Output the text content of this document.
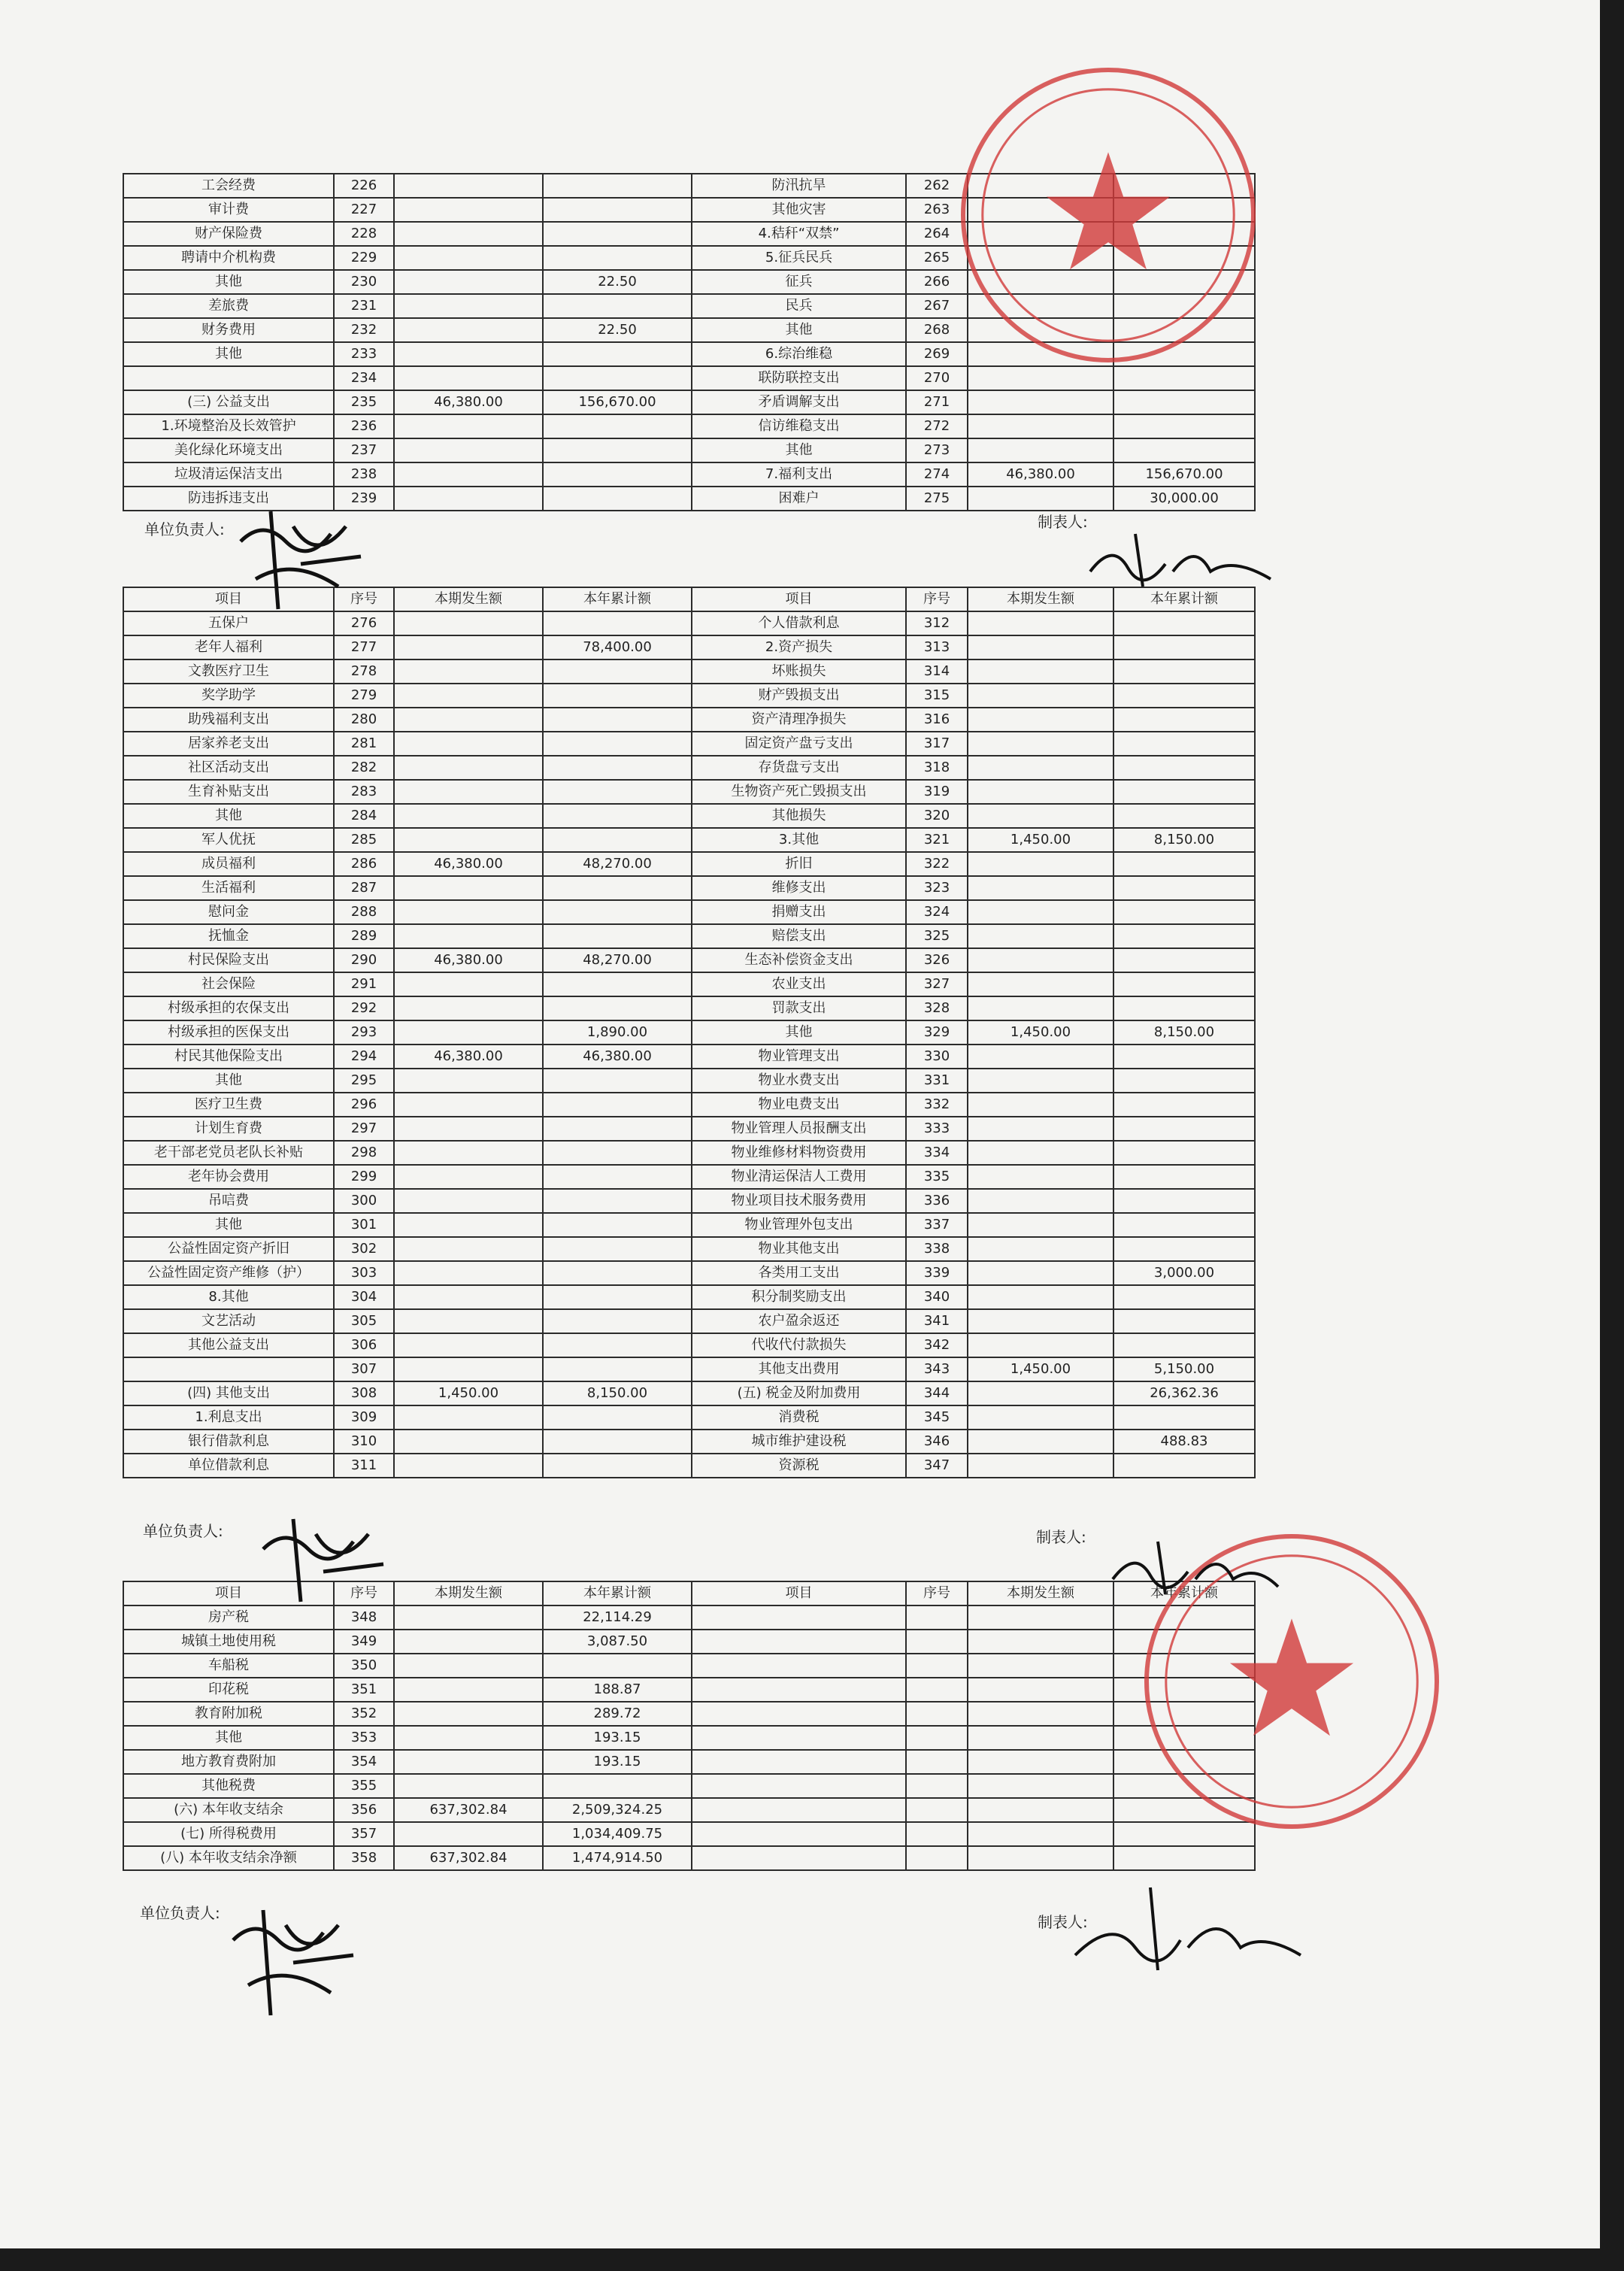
工会经费	226			防汛抗旱	262		
审计费	227			其他灾害	263		
财产保险费	228			4.秸秆“双禁”	264		
聘请中介机构费	229			5.征兵民兵	265		
其他	230		22.50	征兵	266		
差旅费	231			民兵	267		
财务费用	232		22.50	其他	268		
其他	233			6.综治维稳	269		
	234			联防联控支出	270		
(三) 公益支出	235	46,380.00	156,670.00	矛盾调解支出	271		
1.环境整治及长效管护	236			信访维稳支出	272		
美化绿化环境支出	237			其他	273		
垃圾清运保洁支出	238			7.福利支出	274	46,380.00	156,670.00
防违拆违支出	239			困难户	275		30,000.00
单位负责人:	制表人:
项目	序号	本期发生额	本年累计额	项目	序号	本期发生额	本年累计额
五保户	276			个人借款利息	312		
老年人福利	277		78,400.00	2.资产损失	313		
文教医疗卫生	278			坏账损失	314		
奖学助学	279			财产毁损支出	315		
助残福利支出	280			资产清理净损失	316		
居家养老支出	281			固定资产盘亏支出	317		
社区活动支出	282			存货盘亏支出	318		
生育补贴支出	283			生物资产死亡毁损支出	319		
其他	284			其他损失	320		
军人优抚	285			3.其他	321	1,450.00	8,150.00
成员福利	286	46,380.00	48,270.00	折旧	322		
生活福利	287			维修支出	323		
慰问金	288			捐赠支出	324		
抚恤金	289			赔偿支出	325		
村民保险支出	290	46,380.00	48,270.00	生态补偿资金支出	326		
社会保险	291			农业支出	327		
村级承担的农保支出	292			罚款支出	328		
村级承担的医保支出	293		1,890.00	其他	329	1,450.00	8,150.00
村民其他保险支出	294	46,380.00	46,380.00	物业管理支出	330		
其他	295			物业水费支出	331		
医疗卫生费	296			物业电费支出	332		
计划生育费	297			物业管理人员报酬支出	333		
老干部老党员老队长补贴	298			物业维修材料物资费用	334		
老年协会费用	299			物业清运保洁人工费用	335		
吊唁费	300			物业项目技术服务费用	336		
其他	301			物业管理外包支出	337		
公益性固定资产折旧	302			物业其他支出	338		
公益性固定资产维修（护）	303			各类用工支出	339		3,000.00
8.其他	304			积分制奖励支出	340		
文艺活动	305			农户盈余返还	341		
其他公益支出	306			代收代付款损失	342		
	307			其他支出费用	343	1,450.00	5,150.00
(四) 其他支出	308	1,450.00	8,150.00	(五) 税金及附加费用	344		26,362.36
1.利息支出	309			消费税	345		
银行借款利息	310			城市维护建设税	346		488.83
单位借款利息	311			资源税	347		
单位负责人:	制表人:
项目	序号	本期发生额	本年累计额	项目	序号	本期发生额	本年累计额
房产税	348		22,114.29				
城镇土地使用税	349		3,087.50				
车船税	350						
印花税	351		188.87				
教育附加税	352		289.72				
其他	353		193.15				
地方教育费附加	354		193.15				
其他税费	355						
(六) 本年收支结余	356	637,302.84	2,509,324.25				
(七) 所得税费用	357		1,034,409.75				
(八) 本年收支结余净额	358	637,302.84	1,474,914.50				
单位负责人:	制表人:
